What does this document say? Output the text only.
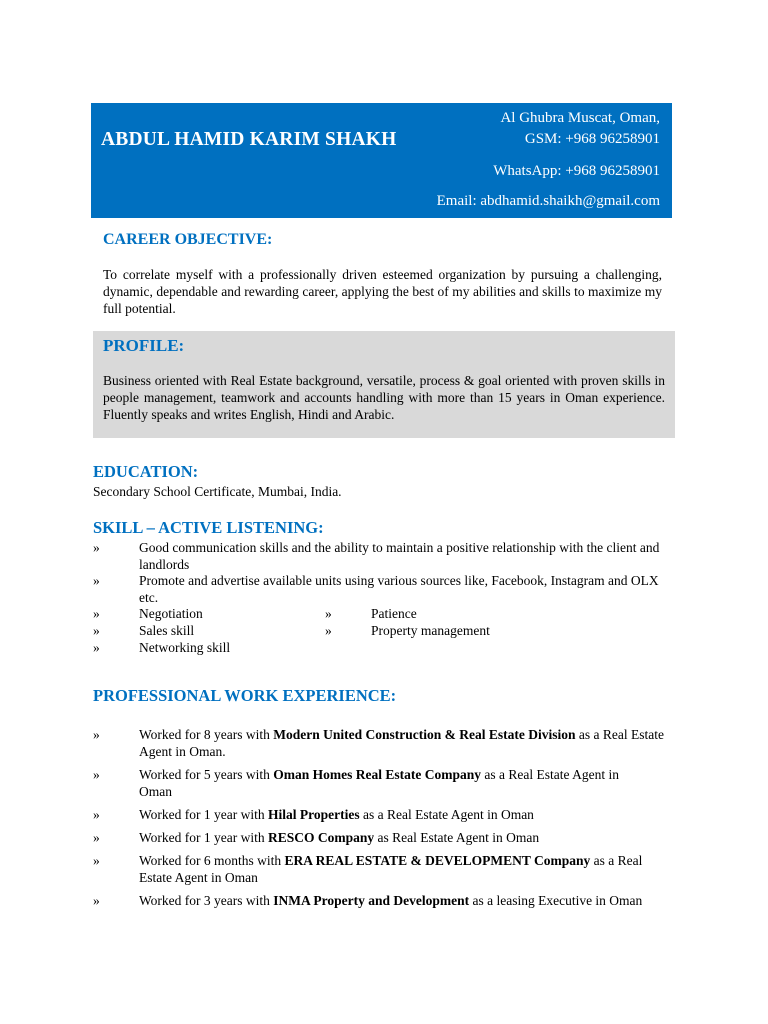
ABDUL HAMID KARIM SHAKH
Al Ghubra Muscat, Oman,
GSM: +968 96258901
WhatsApp: +968 96258901
Email: abdhamid.shaikh@gmail.com
CAREER OBJECTIVE:
To correlate myself with a professionally driven esteemed organization by pursuing a challenging, dynamic, dependable and rewarding career, applying the best of my abilities and skills to maximize my full potential.
PROFILE:
Business oriented with Real Estate background, versatile, process & goal oriented with proven skills in people management, teamwork and accounts handling with more than 15 years in Oman experience. Fluently speaks and writes English, Hindi and Arabic.
EDUCATION:
Secondary School Certificate, Mumbai, India.
SKILL – ACTIVE LISTENING:
»	Good communication skills and the ability to maintain a positive relationship with the client and landlords
»	Promote and advertise available units using various sources like, Facebook, Instagram and OLX etc.
»	Negotiation	»	Patience
»	Sales skill	»	Property management
»	Networking skill
PROFESSIONAL WORK EXPERIENCE:
»	Worked for 8 years with Modern United Construction & Real Estate Division as a Real Estate Agent in Oman.
»	Worked for 5 years with Oman Homes Real Estate Company as a Real Estate Agent in Oman
»	Worked for 1 year with Hilal Properties as a Real Estate Agent in Oman
»	Worked for 1 year with RESCO Company as Real Estate Agent in Oman
»	Worked for 6 months with ERA REAL ESTATE & DEVELOPMENT Company as a Real Estate Agent in Oman
»	Worked for 3 years with INMA Property and Development as a leasing Executive in Oman
